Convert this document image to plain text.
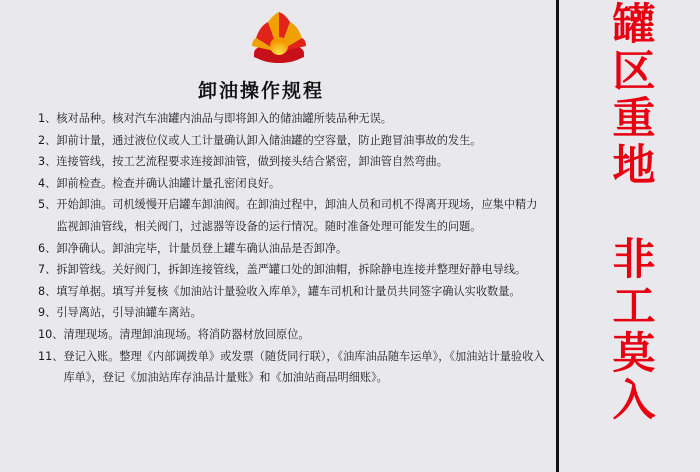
卸油操作规程
1、 核对品种。核对汽车油罐内油品与即将卸入的储油罐所装品种无误。
2、 卸前计量，通过液位仪或人工计量确认卸入储油罐的空容量，防止跑冒油事故的发生。
3、 连接管线，按工艺流程要求连接卸油管，做到接头结合紧密，卸油管自然弯曲。
4、 卸前检查。检查并确认油罐计量孔密闭良好。
5、 开始卸油。司机缓慢开启罐车卸油阀。在卸油过程中，卸油人员和司机不得离开现场，应集中精力监视卸油管线，相关阀门，过滤器等设备的运行情况。随时准备处理可能发生的问题。
6、 卸净确认。卸油完毕，计量员登上罐车确认油品是否卸净。
7、 拆卸管线。关好阀门，拆卸连接管线，盖严罐口处的卸油帽，拆除静电连接并整理好静电导线。
8、 填写单据。填写并复核《加油站计量验收入库单》，罐车司机和计量员共同签字确认实收数量。
9、 引导离站，引导油罐车离站。
10、 清理现场。清理卸油现场。将消防器材放回原位。
11、 登记入账。整理《内部调拨单》或发票（随货同行联），《油库油品随车运单》，《加油站计量验收入库单》，登记《加油站库存油品计量账》和《加油站商品明细账》。
罐
区
重
地
非
工
莫
入
